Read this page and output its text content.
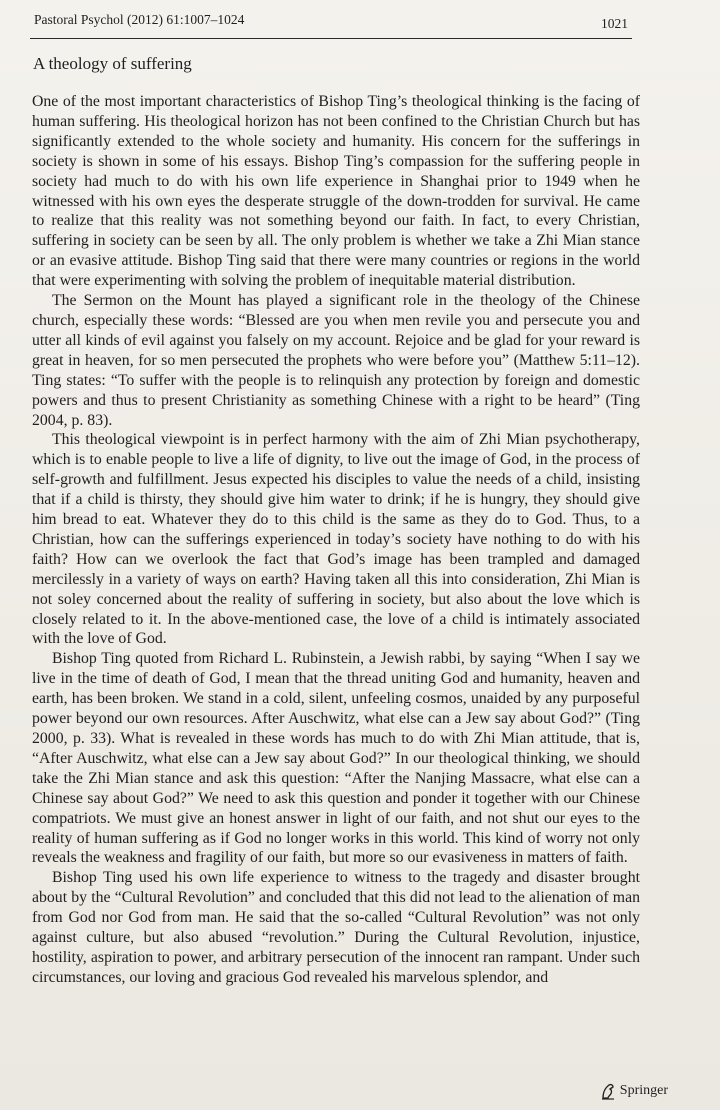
Pastoral Psychol (2012) 61:1007–1024	1021
A theology of suffering

One of the most important characteristics of Bishop Ting’s theological thinking is the facing of human suffering. His theological horizon has not been confined to the Christian Church but has significantly extended to the whole society and humanity. His concern for the sufferings in society is shown in some of his essays. Bishop Ting’s compassion for the suffering people in society had much to do with his own life experience in Shanghai prior to 1949 when he witnessed with his own eyes the desperate struggle of the down-trodden for survival. He came to realize that this reality was not something beyond our faith. In fact, to every Christian, suffering in society can be seen by all. The only problem is whether we take a Zhi Mian stance or an evasive attitude. Bishop Ting said that there were many countries or regions in the world that were experimenting with solving the problem of inequitable material distribution.

The Sermon on the Mount has played a significant role in the theology of the Chinese church, especially these words: “Blessed are you when men revile you and persecute you and utter all kinds of evil against you falsely on my account. Rejoice and be glad for your reward is great in heaven, for so men persecuted the prophets who were before you” (Matthew 5:11–12). Ting states: “To suffer with the people is to relinquish any protection by foreign and domestic powers and thus to present Christianity as something Chinese with a right to be heard” (Ting 2004, p. 83).

This theological viewpoint is in perfect harmony with the aim of Zhi Mian psychotherapy, which is to enable people to live a life of dignity, to live out the image of God, in the process of self-growth and fulfillment. Jesus expected his disciples to value the needs of a child, insisting that if a child is thirsty, they should give him water to drink; if he is hungry, they should give him bread to eat. Whatever they do to this child is the same as they do to God. Thus, to a Christian, how can the sufferings experienced in today’s society have nothing to do with his faith? How can we overlook the fact that God’s image has been trampled and damaged mercilessly in a variety of ways on earth? Having taken all this into consideration, Zhi Mian is not soley concerned about the reality of suffering in society, but also about the love which is closely related to it. In the above-mentioned case, the love of a child is intimately associated with the love of God.

Bishop Ting quoted from Richard L. Rubinstein, a Jewish rabbi, by saying “When I say we live in the time of death of God, I mean that the thread uniting God and humanity, heaven and earth, has been broken. We stand in a cold, silent, unfeeling cosmos, unaided by any purposeful power beyond our own resources. After Auschwitz, what else can a Jew say about God?” (Ting 2000, p. 33). What is revealed in these words has much to do with Zhi Mian attitude, that is, “After Auschwitz, what else can a Jew say about God?” In our theological thinking, we should take the Zhi Mian stance and ask this question: “After the Nanjing Massacre, what else can a Chinese say about God?” We need to ask this question and ponder it together with our Chinese compatriots. We must give an honest answer in light of our faith, and not shut our eyes to the reality of human suffering as if God no longer works in this world. This kind of worry not only reveals the weakness and fragility of our faith, but more so our evasiveness in matters of faith.

Bishop Ting used his own life experience to witness to the tragedy and disaster brought about by the “Cultural Revolution” and concluded that this did not lead to the alienation of man from God nor God from man. He said that the so-called “Cultural Revolution” was not only against culture, but also abused “revolution.” During the Cultural Revolution, injustice, hostility, aspiration to power, and arbitrary persecution of the innocent ran rampant. Under such circumstances, our loving and gracious God revealed his marvelous splendor, and

Springer
